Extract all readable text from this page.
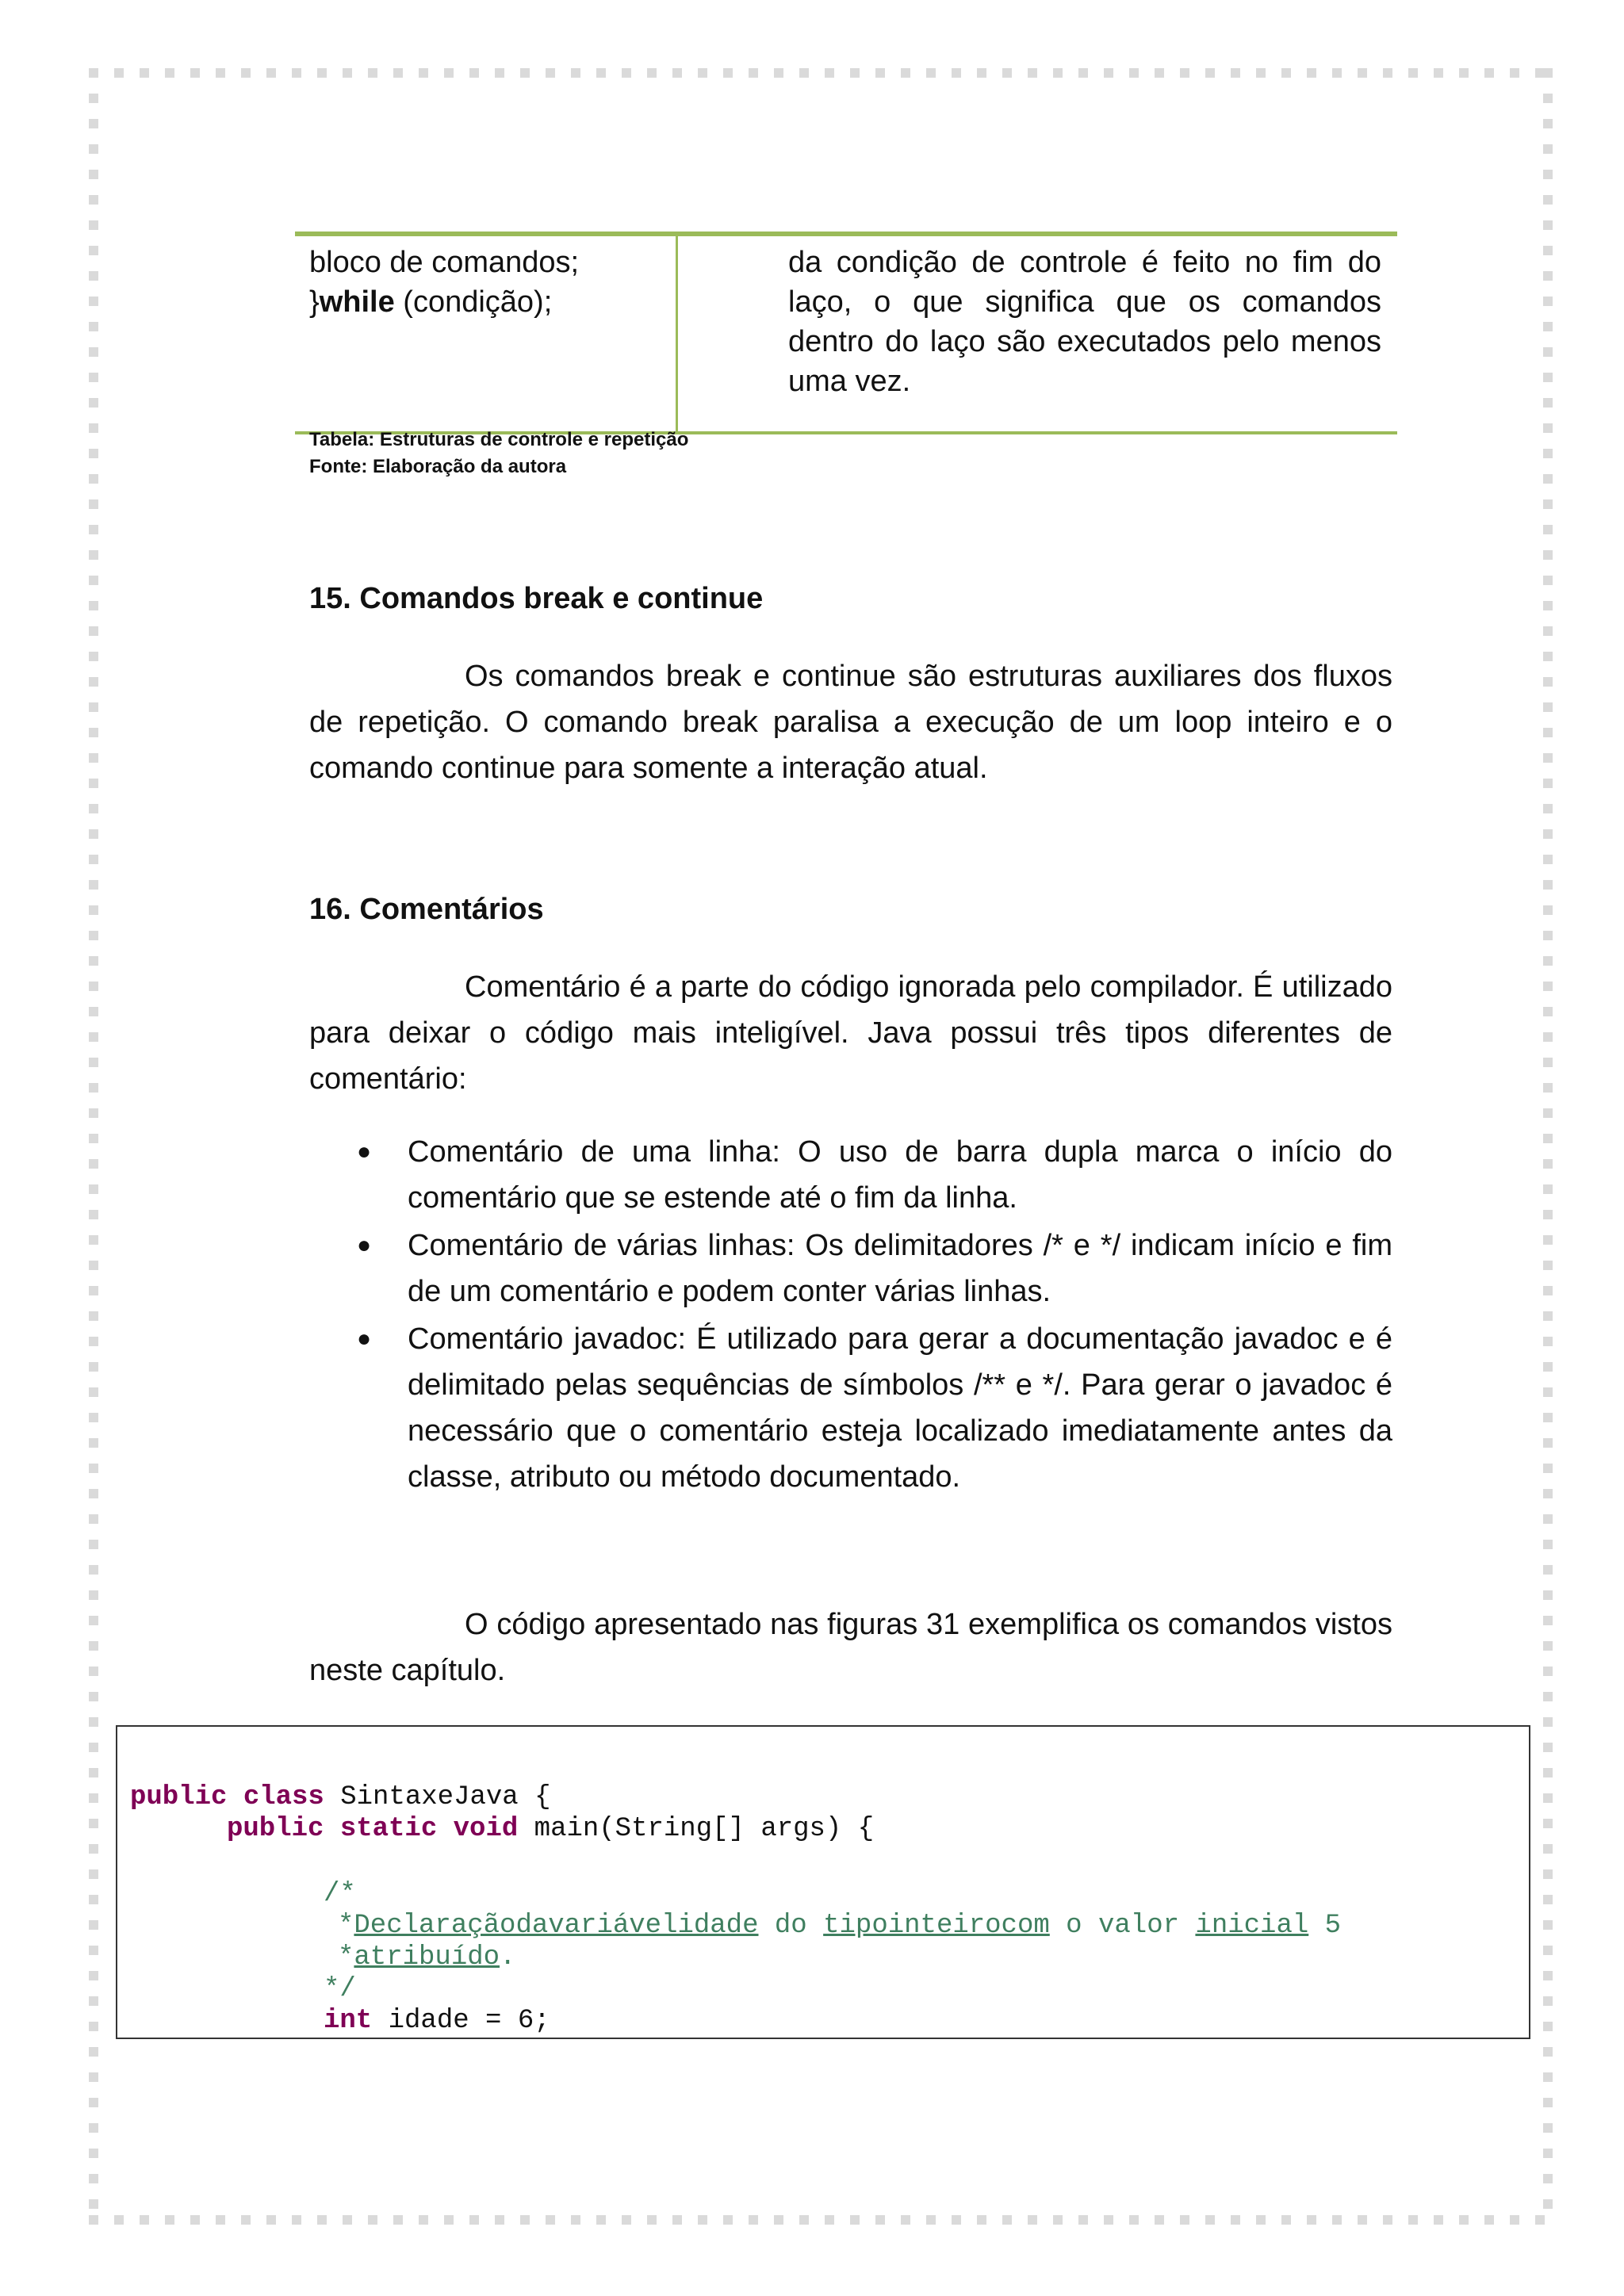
bloco de comandos;
}while (condição);
da condição de controle é feito no fim do laço, o que significa que os comandos dentro do laço são executados pelo menos uma vez.
Tabela: Estruturas de controle e repetição
Fonte: Elaboração da autora
15. Comandos break e continue
Os comandos break e continue são estruturas auxiliares dos fluxos de repetição. O comando break paralisa a execução de um loop inteiro e o comando continue para somente a interação atual.
16. Comentários
Comentário é a parte do código ignorada pelo compilador. É utilizado para deixar o código mais inteligível. Java possui três tipos diferentes de comentário:
● Comentário de uma linha: O uso de barra dupla marca o início do comentário que se estende até o fim da linha.
● Comentário de várias linhas: Os delimitadores /* e */ indicam início e fim de um comentário e podem conter várias linhas.
● Comentário javadoc: É utilizado para gerar a documentação javadoc e é delimitado pelas sequências de símbolos /** e */. Para gerar o javadoc é necessário que o comentário esteja localizado imediatamente antes da classe, atributo ou método documentado.
O código apresentado nas figuras 31 exemplifica os comandos vistos neste capítulo.
public class SintaxeJava {
public static void main(String[] args) {
/*
*Declaraçãodavariávelidade do tipointeirocom o valor inicial 5
*atribuído.
*/
int idade = 6;
